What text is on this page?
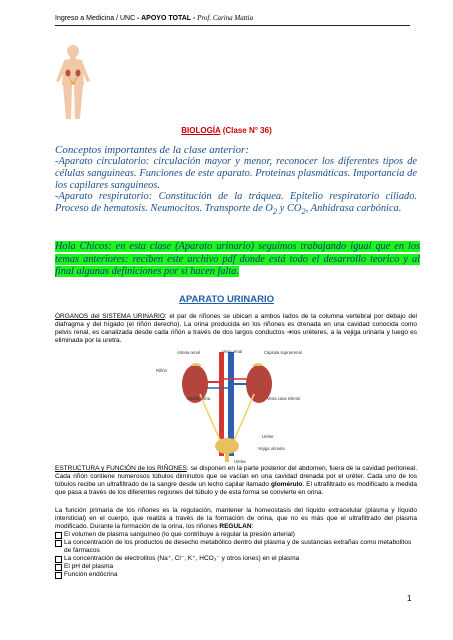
Ingreso a Medicina / UNC - APOYO TOTAL - Prof. Carina Mattia
BIOLOGÍA (Clase N° 36)
Conceptos importantes de la clase anterior:
-Aparato circulatorio: circulación mayor y menor, reconocer los diferentes tipos de células sanguineas. Funciones de este aparato. Proteinas plasmáticas. Importancia de los capilares sanguineos.
-Aparato respiratorio: Constitución de la tráquea. Epitelio respiratorio ciliado. Proceso de hematosis. Neumocitos. Transporte de $O_2$ y $CO_2$, Anhidrasa carbónica.
Hola Chicos: en esta clase (Aparato urinario) seguimos trabajando igual que en los temas anteriores: reciben este archivo pdf donde está todo el desarrollo teorico y al final algunas definiciones por si hacen falta.
APARATO URINARIO
ÓRGANOS del SISTEMA URINARIO: el par de riñones se ubican a ambos lados de la columna vertebral por debajo del diafragma y del hígado (el riñón derecho). La orina producida en los riñones es drenada en una cavidad conocida como pelvis renal, es canalizada desde cada riñón a través de dos largos conductos ➔los uréteres, a la vejiga urinaria y luego es eliminada por la uretra.
Arteria renal	Vena renal	Cápsula suprarrenal
Riñón
Arteria aorta	Vena cava inferior
Uréter
Vejiga urinaria
Uretra
ESTRUCTURA y FUNCIÓN de los RIÑONES: se disponen en la parte posterior del abdomen, fuera de la cavidad peritoneal. Cada riñón contiene numerosos túbulos diminutos que se vacían en una cavidad drenada por el uréter. Cada uno de los túbulos recibe un ultrafiltrado de la sangre desde un lecho capilar llamado glomérulo. El ultrafiltrado es modificado a medida que pasa a través de los diferentes regiones del túbulo y de esta forma se convierte en orina.
La función primaria de los riñones es la regulación, mantener la homeostasis del líquido extracelular (plasma y líquido intersticial) en el cuerpo, que realiza a través de la formación de orina, que no es más que el ultrafiltrado del plasma modificado. Durante la formación de la orina, los riñones REGULAN:
El volumen de plasma sanguíneo (lo que contribuye a regular la presión arterial)
La concentración de los productos de desecho metabólico dentro del plasma y de sustancias extrañas como metabolitos de fármacos
La concentración de electrolitos (Na⁺, Cl⁻, K⁺, HCO₃⁻ y otros iones) en el plasma
El pH del plasma
Función endócrina
1
